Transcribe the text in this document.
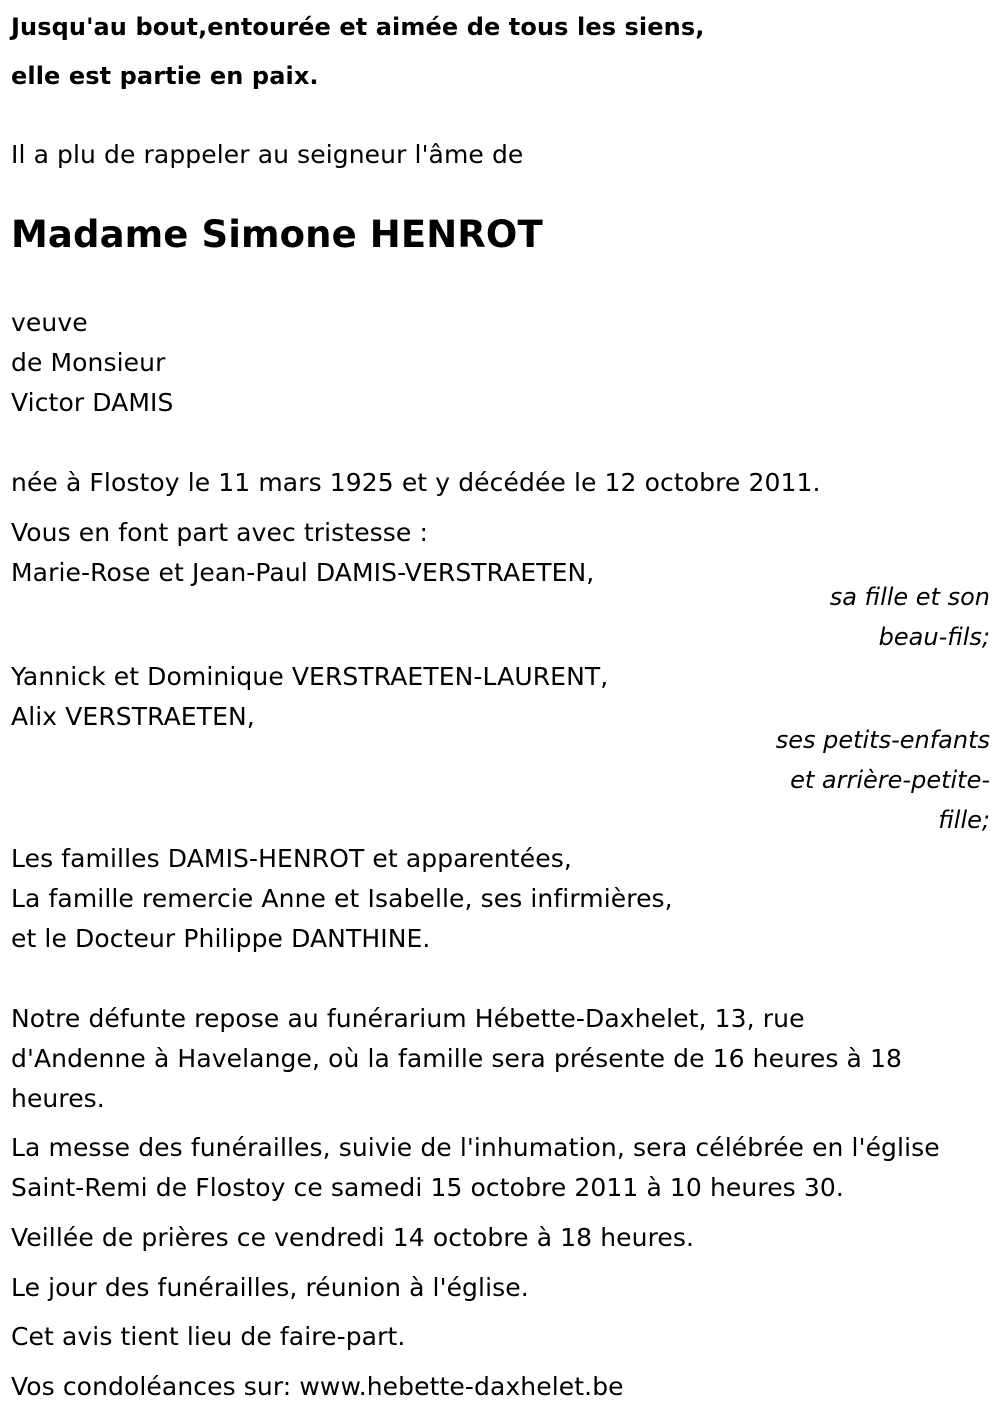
Jusqu'au bout,entourée et aimée de tous les siens,
elle est partie en paix.
Il a plu de rappeler au seigneur l'âme de
Madame Simone HENROT
veuve
de Monsieur
Victor DAMIS
née à Flostoy le 11 mars 1925 et y décédée le 12 octobre 2011.
Vous en font part avec tristesse :
Marie-Rose et Jean-Paul DAMIS-VERSTRAETEN,
sa fille et son
beau-fils;
Yannick et Dominique VERSTRAETEN-LAURENT,
Alix VERSTRAETEN,
ses petits-enfants
et arrière-petite-
fille;
Les familles DAMIS-HENROT et apparentées,
La famille remercie Anne et Isabelle, ses infirmières,
et le Docteur Philippe DANTHINE.
Notre défunte repose au funérarium Hébette-Daxhelet, 13, rue
d'Andenne à Havelange, où la famille sera présente de 16 heures à 18
heures.
La messe des funérailles, suivie de l'inhumation, sera célébrée en l'église
Saint-Remi de Flostoy ce samedi 15 octobre 2011 à 10 heures 30.
Veillée de prières ce vendredi 14 octobre à 18 heures.
Le jour des funérailles, réunion à l'église.
Cet avis tient lieu de faire-part.
Vos condoléances sur: www.hebette-daxhelet.be
